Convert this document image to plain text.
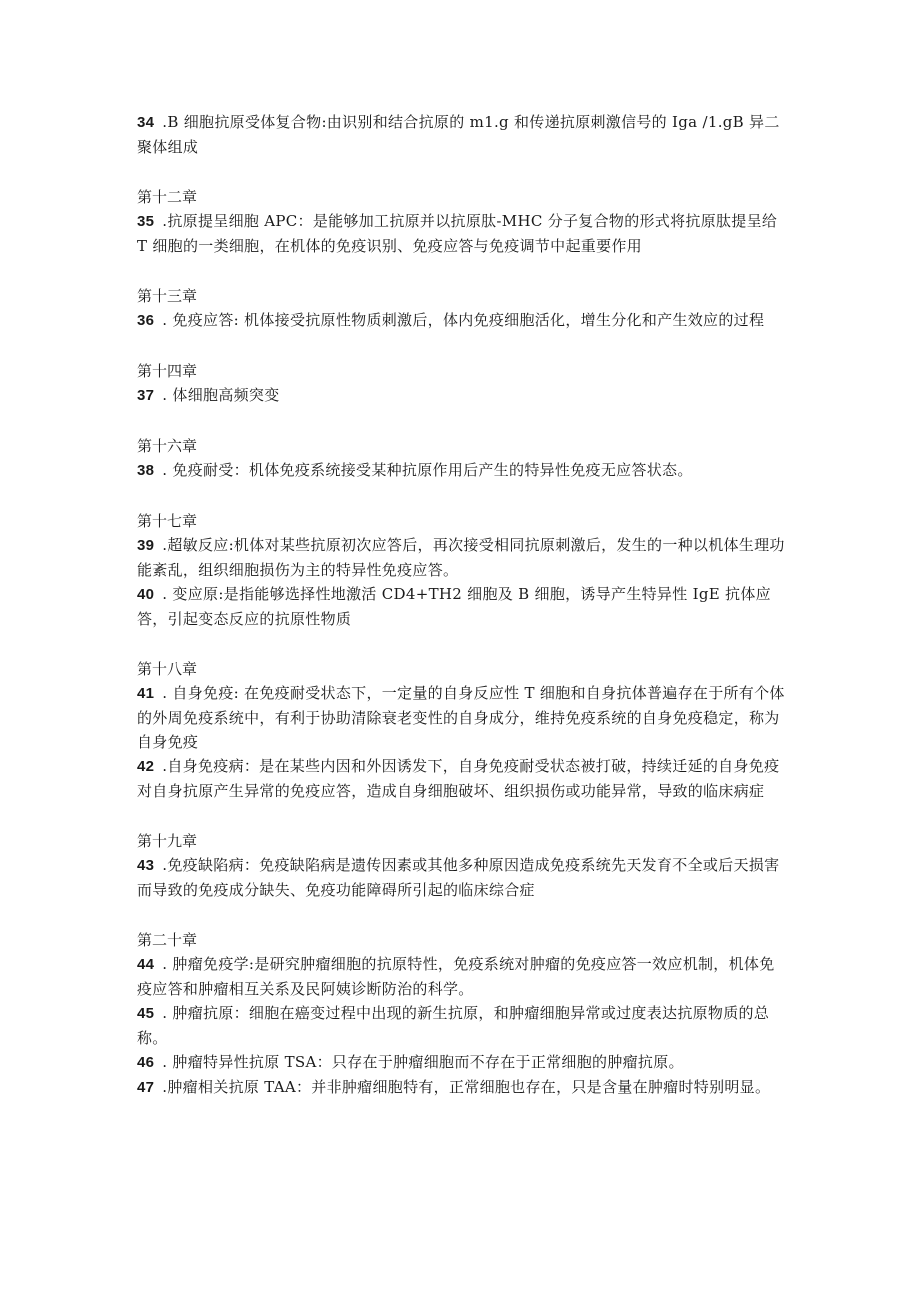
34 .B 细胞抗原受体复合物:由识别和结合抗原的 m1.g 和传递抗原刺激信号的 Iga /1.gB 异二聚体组成
第十二章
35 .抗原提呈细胞 APC：是能够加工抗原并以抗原肽-MHC 分子复合物的形式将抗原肽提呈给 T 细胞的一类细胞，在机体的免疫识别、免疫应答与免疫调节中起重要作用
第十三章
36 . 免疫应答: 机体接受抗原性物质刺激后，体内免疫细胞活化，增生分化和产生效应的过程
第十四章
37 . 体细胞高频突变
第十六章
38 . 免疫耐受：机体免疫系统接受某种抗原作用后产生的特异性免疫无应答状态。
第十七章
39 .超敏反应:机体对某些抗原初次应答后，再次接受相同抗原刺激后，发生的一种以机体生理功能紊乱，组织细胞损伤为主的特异性免疫应答。
40 . 变应原:是指能够选择性地激活 CD4+TH2 细胞及 B 细胞，诱导产生特异性 IgE 抗体应答，引起变态反应的抗原性物质
第十八章
41 . 自身免疫: 在免疫耐受状态下，一定量的自身反应性 T 细胞和自身抗体普遍存在于所有个体的外周免疫系统中，有利于协助清除衰老变性的自身成分，维持免疫系统的自身免疫稳定，称为自身免疫
42 .自身免疫病：是在某些内因和外因诱发下，自身免疫耐受状态被打破，持续迁延的自身免疫对自身抗原产生异常的免疫应答，造成自身细胞破坏、组织损伤或功能异常，导致的临床病症
第十九章
43 .免疫缺陷病：免疫缺陷病是遗传因素或其他多种原因造成免疫系统先天发育不全或后天损害而导致的免疫成分缺失、免疫功能障碍所引起的临床综合症
第二十章
44 . 肿瘤免疫学:是研究肿瘤细胞的抗原特性，免疫系统对肿瘤的免疫应答一效应机制，机体免疫应答和肿瘤相互关系及民阿姨诊断防治的科学。
45 . 肿瘤抗原：细胞在癌变过程中出现的新生抗原，和肿瘤细胞异常或过度表达抗原物质的总称。
46 . 肿瘤特异性抗原 TSA：只存在于肿瘤细胞而不存在于正常细胞的肿瘤抗原。
47 .肿瘤相关抗原 TAA：并非肿瘤细胞特有，正常细胞也存在，只是含量在肿瘤时特别明显。
